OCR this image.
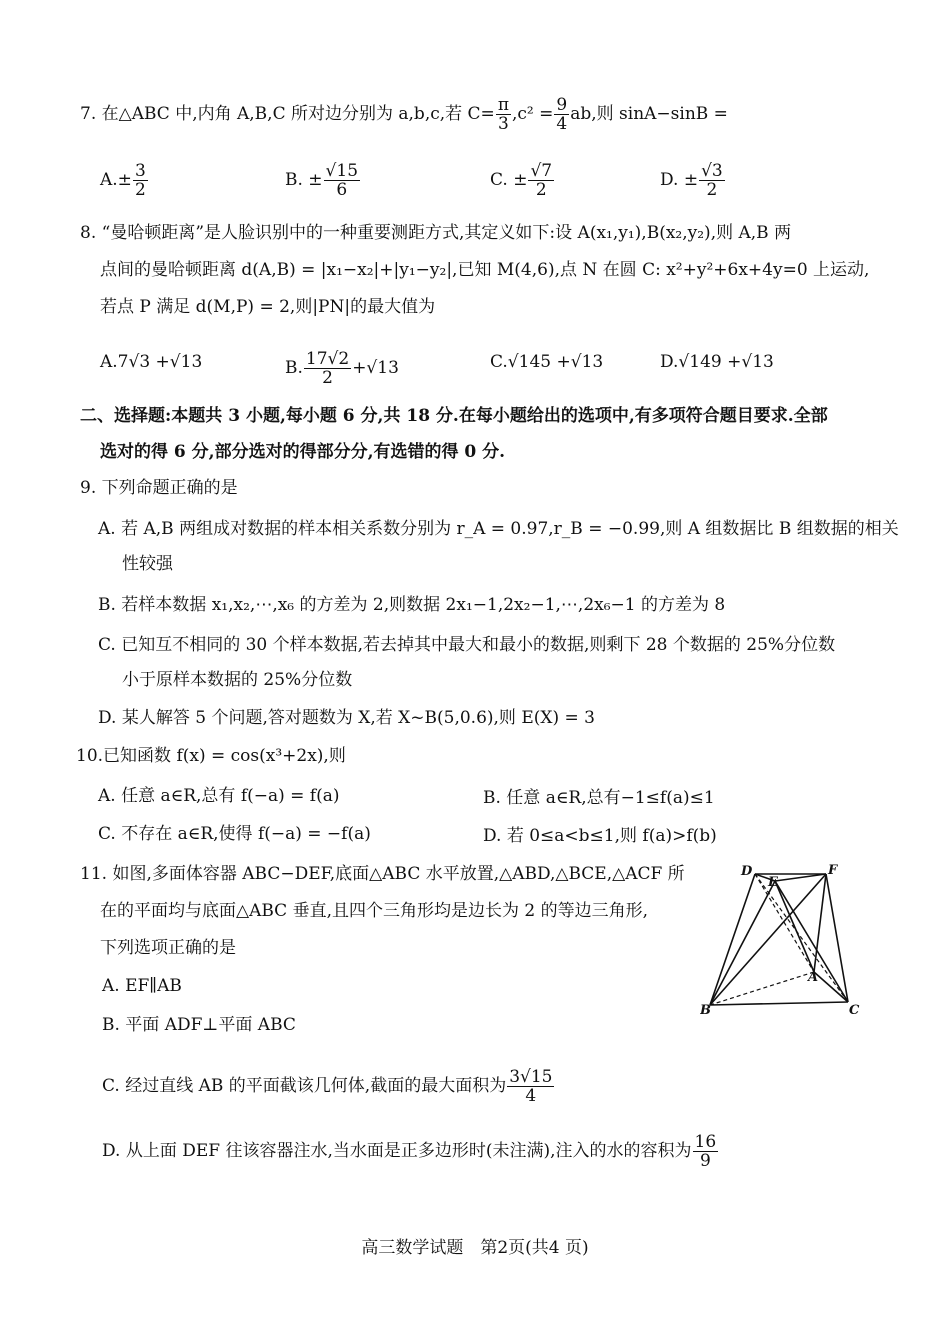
7. 在△ABC 中,内角 A,B,C 所对边分别为 a,b,c,若 $C= \frac{\pi}{3} ,c^2 = \frac{9}{4}$ ab,则 sinA−sinB =
$A.\pm \frac{3}{2}$	B. ± $\frac{√15}{6}$	C. ± $\frac{√7}{2}$	D. ± $\frac{√3}{2}$
8. “曼哈顿距离”是人脸识别中的一种重要测距方式,其定义如下:设 A(x₁,y₁),B(x₂,y₂),则 A,B 两
点间的曼哈顿距离 d(A,B) = |x₁−x₂|+|y₁−y₂|,已知 M(4,6),点 N 在圆 C: x²+y²+6x+4y=0 上运动,
若点 P 满足 d(M,P) = 2,则|PN|的最大值为
A.7√3 +√13	B. $\frac{17√2}{2} +√13$	C.√145 +√13	D.√149 +√13
二、选择题:本题共 3 小题,每小题 6 分,共 18 分.在每小题给出的选项中,有多项符合题目要求.全部
选对的得 6 分,部分选对的得部分分,有选错的得 0 分.
9. 下列命题正确的是
A. 若 A,B 两组成对数据的样本相关系数分别为 r_A = 0.97,r_B = −0.99,则 A 组数据比 B 组数据的相关
性较强
B. 若样本数据 x₁,x₂,⋯,x₆ 的方差为 2,则数据 2x₁−1,2x₂−1,⋯,2x₆−1 的方差为 8
C. 已知互不相同的 30 个样本数据,若去掉其中最大和最小的数据,则剩下 28 个数据的 25%分位数
小于原样本数据的 25%分位数
D. 某人解答 5 个问题,答对题数为 X,若 X~B(5,0.6),则 E(X) = 3
10.已知函数 f(x) = cos(x³+2x),则
A. 任意 a∈R,总有 f(−a) = f(a)	B. 任意 a∈R,总有−1≤f(a)≤1
C. 不存在 a∈R,使得 f(−a) = −f(a)	D. 若 0≤a<b≤1,则 f(a)>f(b)
11. 如图,多面体容器 ABC−DEF,底面△ABC 水平放置,△ABD,△BCE,△ACF 所
在的平面均与底面△ABC 垂直,且四个三角形均是边长为 2 的等边三角形,
下列选项正确的是
A. EF∥AB
B. 平面 ADF⊥平面 ABC
C. 经过直线 AB 的平面截该几何体,截面的最大面积为 $\frac{3√15}{4}$
D. 从上面 DEF 往该容器注水,当水面是正多边形时(未注满),注入的水的容积为 $\frac{16}{9}$
D
E
F
A
B	C
高三数学试题　第2页(共4 页)
